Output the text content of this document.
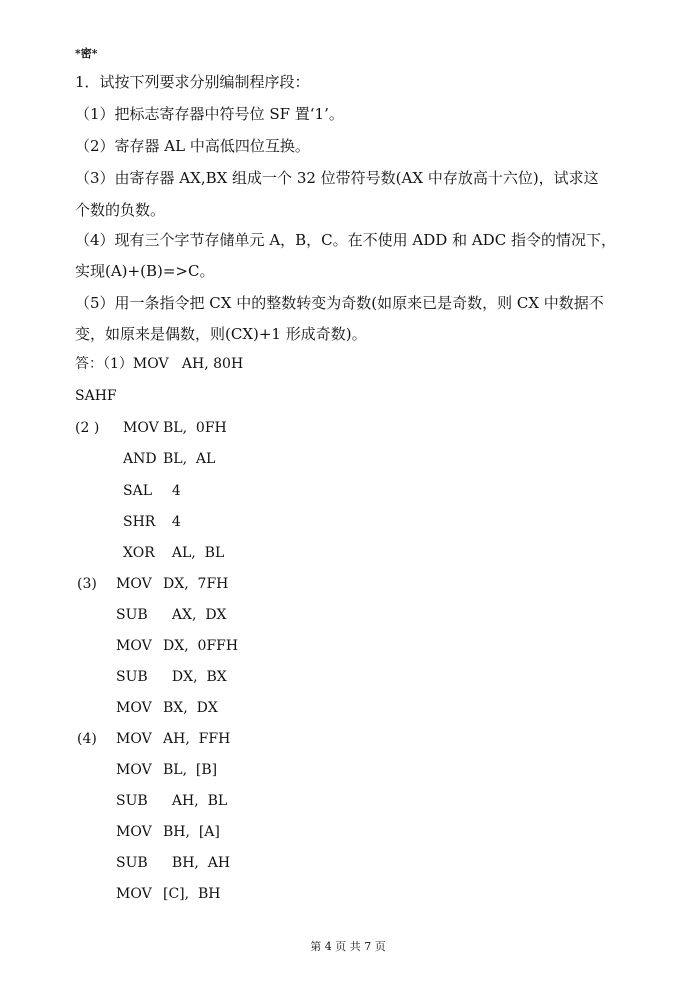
*密*
1．试按下列要求分别编制程序段：
（1）把标志寄存器中符号位 SF 置‘1’。
（2）寄存器 AL 中高低四位互换。
（3）由寄存器 AX,BX 组成一个 32 位带符号数(AX 中存放高十六位)，试求这
个数的负数。
（4）现有三个字节存储单元 A，B，C。在不使用 ADD 和 ADC 指令的情况下，
实现(A)+(B)=>C。
（5）用一条指令把 CX 中的整数转变为奇数(如原来已是奇数，则 CX 中数据不
变，如原来是偶数，则(CX)+1 形成奇数)。
答：（1）MOV   AH, 80H
SAHF
(2 ) MOV BL,  0FH
AND BL,  AL
SAL 4
SHR 4
XOR AL,  BL
(3) MOV DX,  7FH
SUB AX,  DX
MOV DX,  0FFH
SUB DX,  BX
MOV BX,  DX
(4) MOV AH,  FFH
MOV BL,  [B]
SUB AH,  BL
MOV BH,  [A]
SUB BH,  AH
MOV [C],  BH
第 4 页 共 7 页
